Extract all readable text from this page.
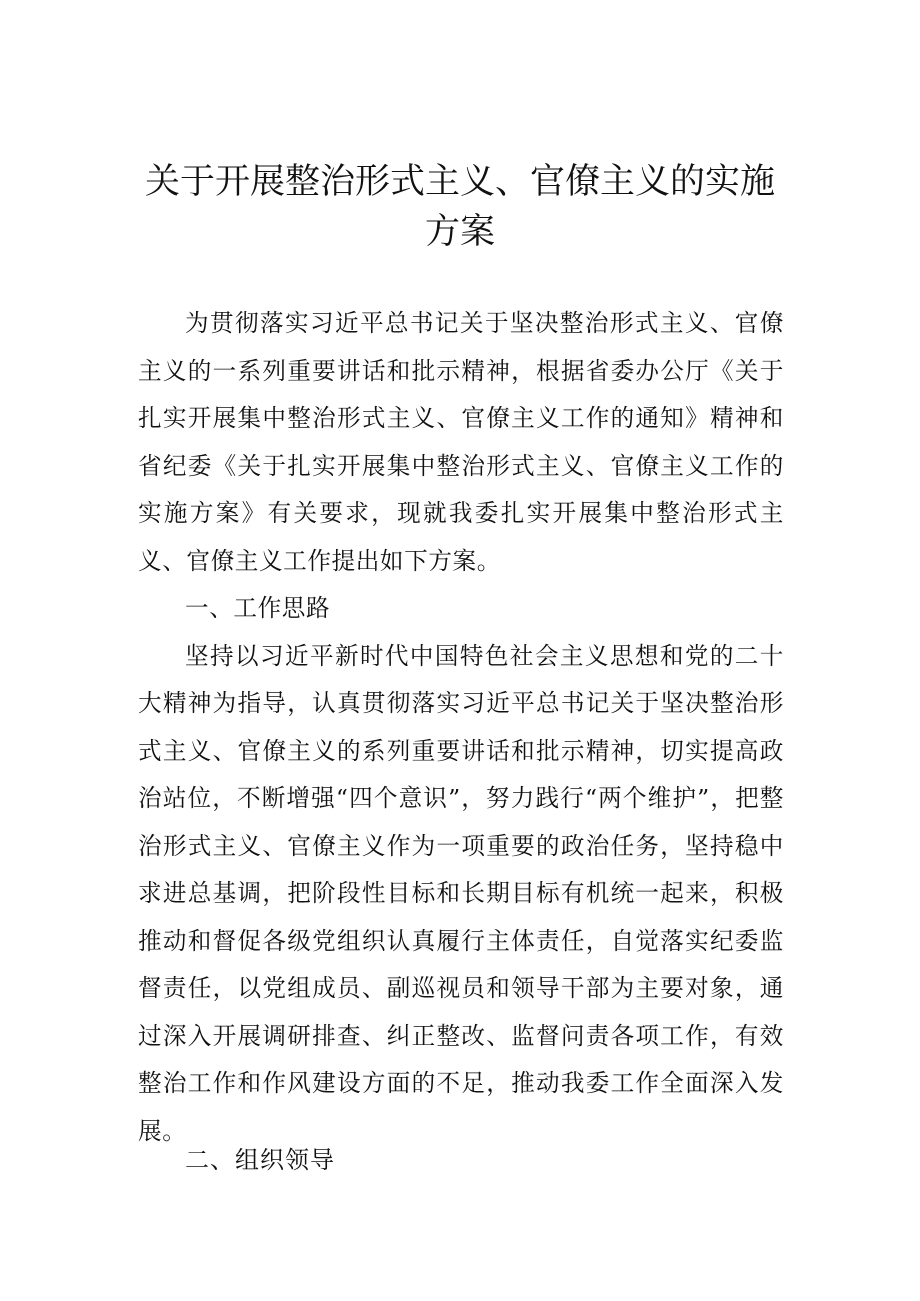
关于开展整治形式主义、官僚主义的实施
方案

为贯彻落实习近平总书记关于坚决整治形式主义、官僚主义的一系列重要讲话和批示精神，根据省委办公厅《关于扎实开展集中整治形式主义、官僚主义工作的通知》精神和省纪委《关于扎实开展集中整治形式主义、官僚主义工作的实施方案》有关要求，现就我委扎实开展集中整治形式主义、官僚主义工作提出如下方案。

一、工作思路

坚持以习近平新时代中国特色社会主义思想和党的二十大精神为指导，认真贯彻落实习近平总书记关于坚决整治形式主义、官僚主义的系列重要讲话和批示精神，切实提高政治站位，不断增强“四个意识”，努力践行“两个维护”，把整治形式主义、官僚主义作为一项重要的政治任务，坚持稳中求进总基调，把阶段性目标和长期目标有机统一起来，积极推动和督促各级党组织认真履行主体责任，自觉落实纪委监督责任，以党组成员、副巡视员和领导干部为主要对象，通过深入开展调研排查、纠正整改、监督问责各项工作，有效整治工作和作风建设方面的不足，推动我委工作全面深入发展。

二、组织领导
